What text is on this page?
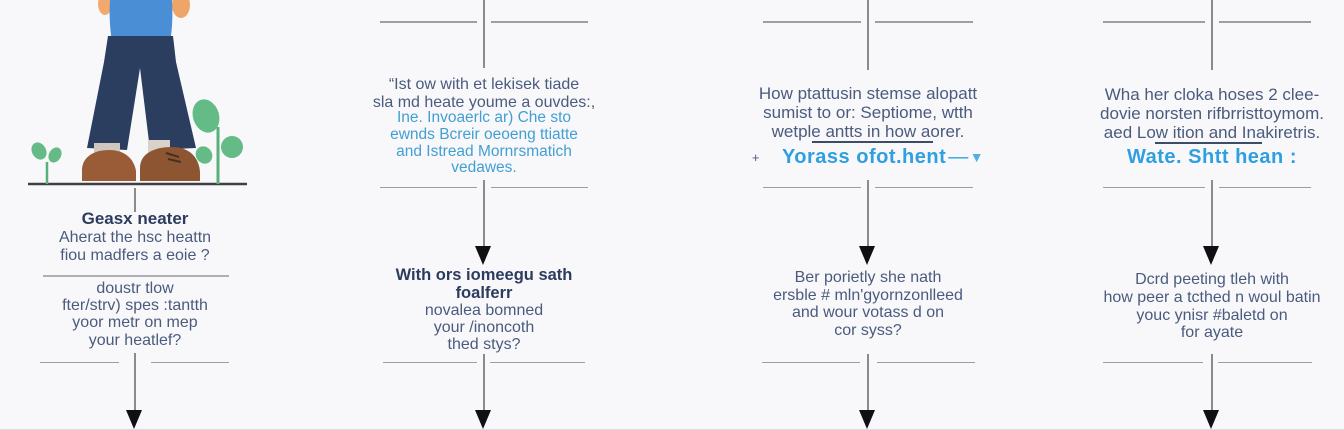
Geasx neater
Aherat the hsc heattn
fiou madfers a eoie ?
doustr tlow
fter/strv) spes :tantth
yoor metr on mep
your heatlef?
“Ist ow with et lekisek tiade
sla md heate youme a ouvdes:,
Ine. Invoaerlc ar) Che sto
ewnds Bcreir oeoeng ttiatte
and Istread Mornrsmatich
vedawes.
With ors iomeegu sath
foalferr
novalea bomned
your /inoncoth
thed stys?
How ptattusin stemse alopatt
sumist to or: Septiome, wtth
wetple antts in how aorer.
+ Yorass ofot.hent — ▼
Ber porietly she nath
ersble # mln'gyornzonlleed
and wour votass d on
cor syss?
Wha her cloka hoses 2 clee-
dovie norsten rifbrristtoymom.
aed Low ition and Inakiretris.
Wate. Shtt hean :
Dcrd peeting tleh with
how peer a tcthed n woul batin
youc ynisr #baletd on
for ayate
